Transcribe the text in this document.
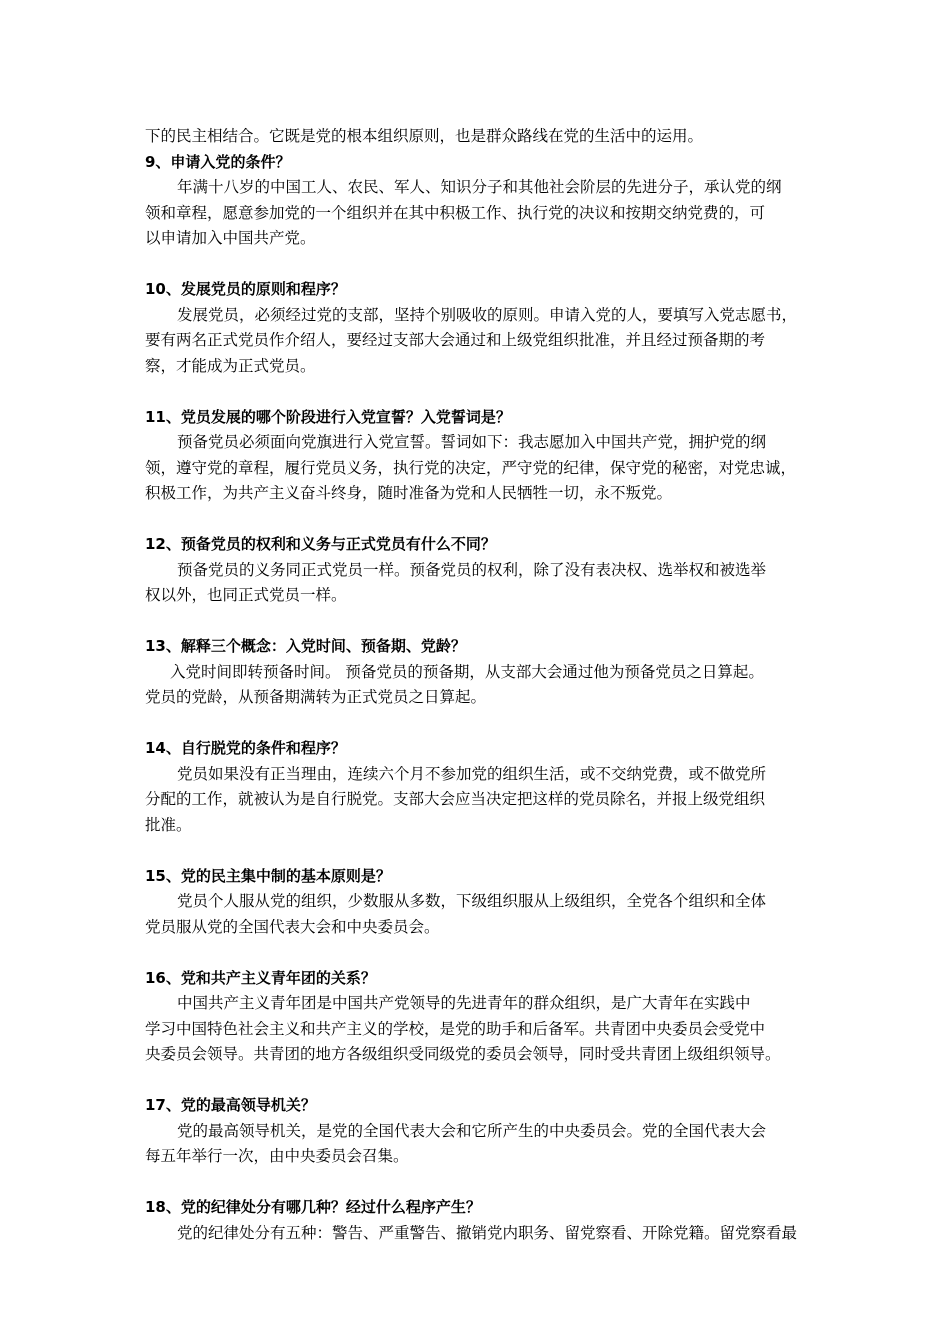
下的民主相结合。它既是党的根本组织原则，也是群众路线在党的生活中的运用。
9、申请入党的条件？
年满十八岁的中国工人、农民、军人、知识分子和其他社会阶层的先进分子，承认党的纲
领和章程，愿意参加党的一个组织并在其中积极工作、执行党的决议和按期交纳党费的，可
以申请加入中国共产党。
10、发展党员的原则和程序？
发展党员，必须经过党的支部，坚持个别吸收的原则。申请入党的人，要填写入党志愿书，
要有两名正式党员作介绍人，要经过支部大会通过和上级党组织批准，并且经过预备期的考
察，才能成为正式党员。
11、党员发展的哪个阶段进行入党宣誓？入党誓词是？
预备党员必须面向党旗进行入党宣誓。誓词如下：我志愿加入中国共产党，拥护党的纲
领，遵守党的章程，履行党员义务，执行党的决定，严守党的纪律，保守党的秘密，对党忠诚，
积极工作，为共产主义奋斗终身，随时准备为党和人民牺牲一切，永不叛党。
12、预备党员的权利和义务与正式党员有什么不同？
预备党员的义务同正式党员一样。预备党员的权利，除了没有表决权、选举权和被选举
权以外，也同正式党员一样。
13、解释三个概念：入党时间、预备期、党龄？
入党时间即转预备时间。 预备党员的预备期，从支部大会通过他为预备党员之日算起。
党员的党龄，从预备期满转为正式党员之日算起。
14、自行脱党的条件和程序？
党员如果没有正当理由，连续六个月不参加党的组织生活，或不交纳党费，或不做党所
分配的工作，就被认为是自行脱党。支部大会应当决定把这样的党员除名，并报上级党组织
批准。
15、党的民主集中制的基本原则是？
党员个人服从党的组织，少数服从多数，下级组织服从上级组织，全党各个组织和全体
党员服从党的全国代表大会和中央委员会。
16、党和共产主义青年团的关系？
中国共产主义青年团是中国共产党领导的先进青年的群众组织，是广大青年在实践中
学习中国特色社会主义和共产主义的学校，是党的助手和后备军。共青团中央委员会受党中
央委员会领导。共青团的地方各级组织受同级党的委员会领导，同时受共青团上级组织领导。
17、党的最高领导机关？
党的最高领导机关，是党的全国代表大会和它所产生的中央委员会。党的全国代表大会
每五年举行一次，由中央委员会召集。
18、党的纪律处分有哪几种？经过什么程序产生？
党的纪律处分有五种：警告、严重警告、撤销党内职务、留党察看、开除党籍。留党察看最
